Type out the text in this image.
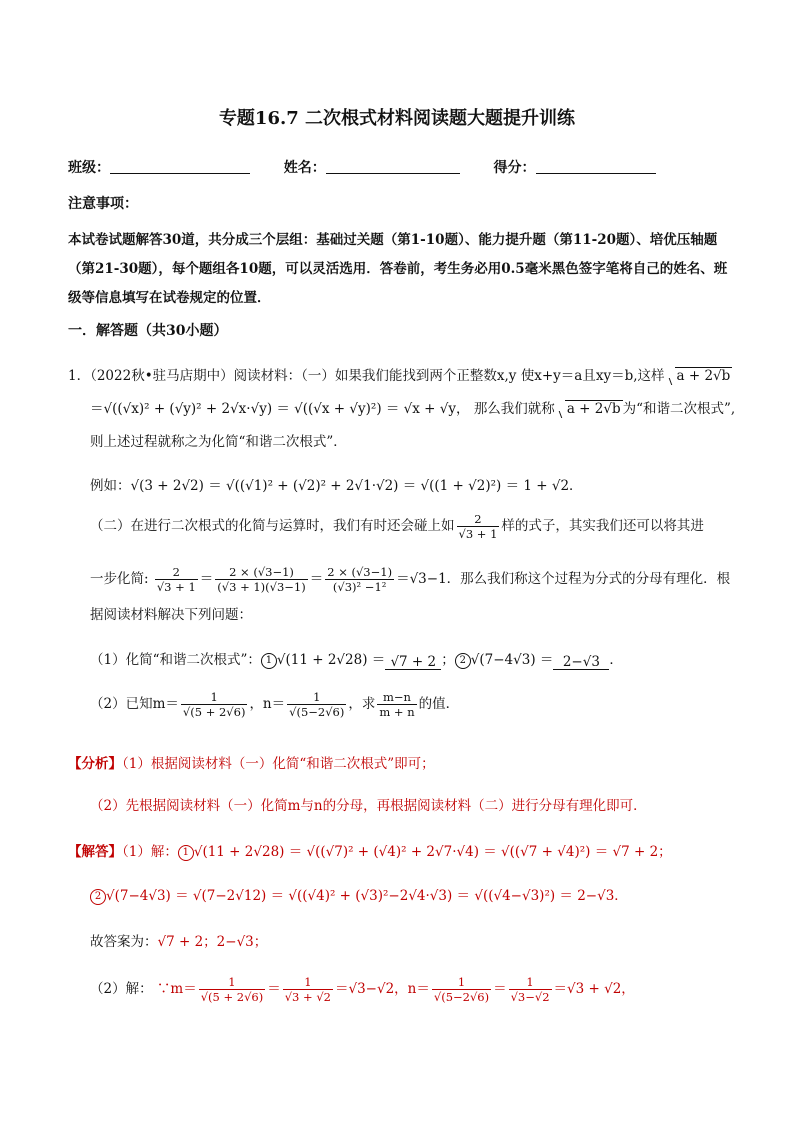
专题16.7 二次根式材料阅读题大题提升训练
班级：	姓名：	得分：
注意事项：
本试卷试题解答30道，共分成三个层组：基础过关题（第1-10题）、能力提升题（第11-20题）、培优压轴题（第21-30题），每个题组各10题，可以灵活选用．答卷前，考生务必用0.5毫米黑色签字笔将自己的姓名、班级等信息填写在试卷规定的位置．
一．解答题（共30小题）
1．（2022秋•驻马店期中）阅读材料：（一）如果我们能找到两个正整数x,y 使x+y＝a且xy＝b,这样 a + 2√b
＝√((√x)² + (√y)² + 2√x·√y) ＝ √((√x + √y)²) ＝ √x + √y， 那么我们就称 a + 2√b 为“和谐二次根式”,
则上述过程就称之为化简“和谐二次根式”．
例如：√(3 + 2√2) ＝ √((√1)² + (√2)² + 2√1·√2) ＝ √((1 + √2)²) ＝ 1 + √2．
（二）在进行二次根式的化简与运算时，我们有时还会碰上如 $\frac{2}{√3 + 1}$ 样的式子，其实我们还可以将其进
一步化简: $\frac{2}{√3 + 1} = \frac{2 \times (√3-1)}{(√3 + 1)(√3-1)} = \frac{2 \times (√3-1)}{\text{(√3)² −1²}} =√3-1$．那么我们称这个过程为分式的分母有理化．根
据阅读材料解决下列问题：
（1）化简“和谐二次根式”： 1 √(11 + 2√28) ＝ √7 + 2 ； 2 √(7−4√3) ＝ 2−√3 ．
（2）已知$m= \frac{1}{√(5 + 2√6)}$ ，$n= \frac{1}{√(5-2√6)}$ ，求 $\frac{m-n}{m + n}$ 的值．
【分析】（1）根据阅读材料（一）化简“和谐二次根式”即可；
（2）先根据阅读材料（一）化简m与n的分母，再根据阅读材料（二）进行分母有理化即可．
【解答】（1）解： 1 √(11 + 2√28) ＝ √((√7)² + (√4)² + 2√7·√4) ＝ √((√7 + √4)²) ＝ √7 + 2；
2 √(7−4√3) ＝ √(7−2√12) ＝ √((√4)² + (√3)²−2√4·√3) ＝ √((√4−√3)²) ＝ 2−√3．
故答案为：√7 + 2；2−√3；
（2）解： ∵m＝ $\frac{1}{√(5 + 2√6)} = \frac{1}{√3 + √2} =√3-√2$，$n= \frac{1}{√(5-2√6)} = \frac{1}{√3-√2} =√3 + √2$，
